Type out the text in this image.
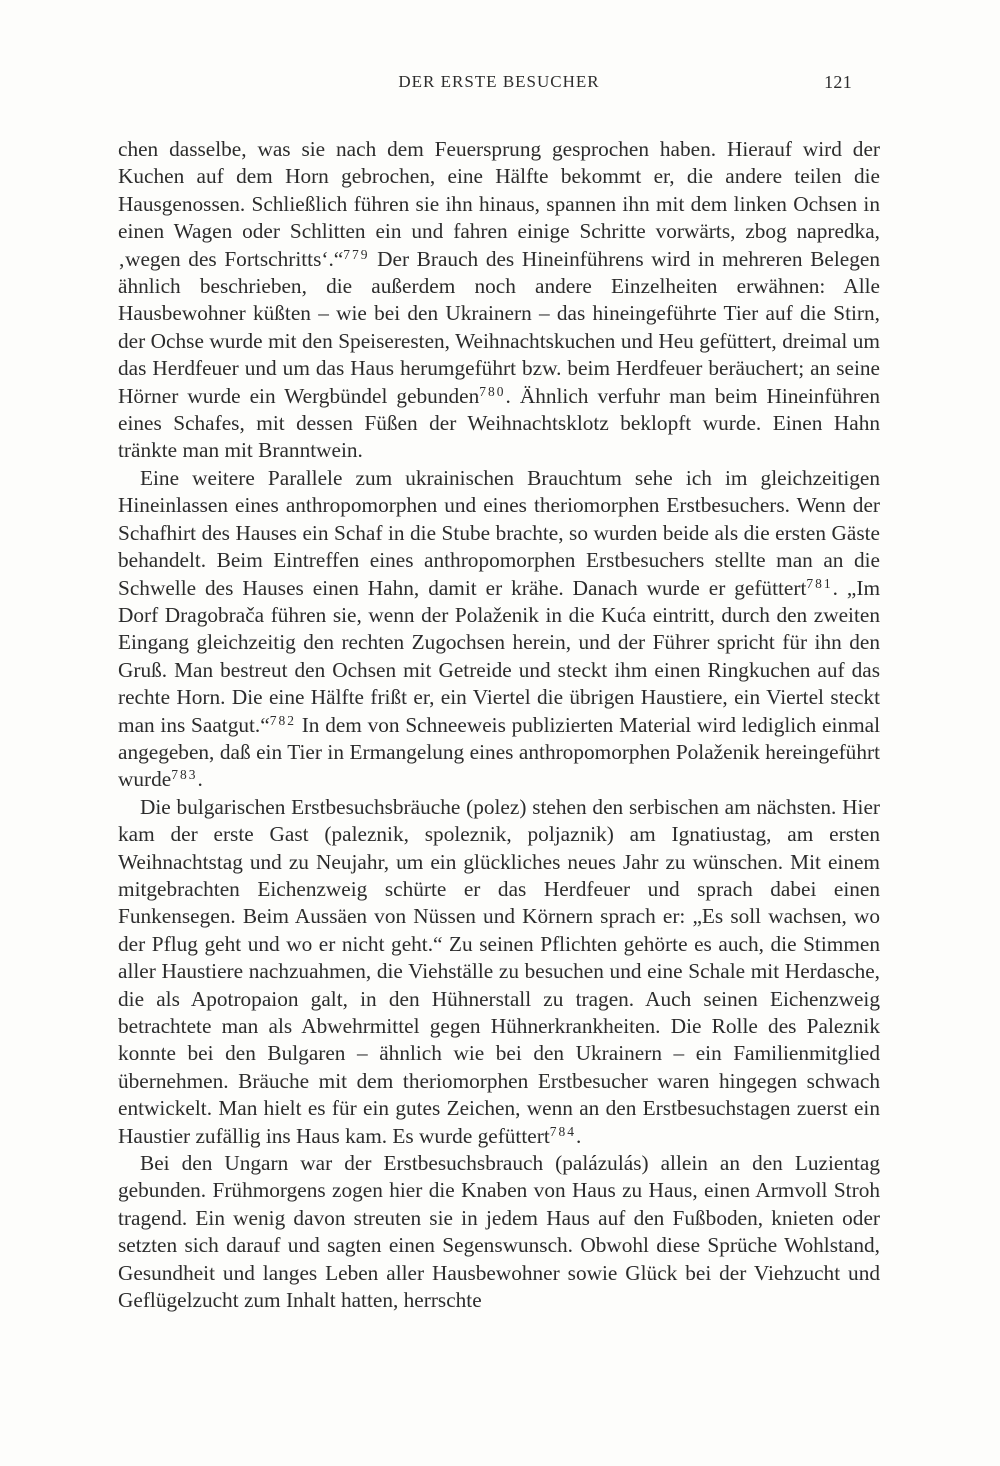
DER ERSTE BESUCHER	121

chen dasselbe, was sie nach dem Feuersprung gesprochen haben. Hierauf wird der Kuchen auf dem Horn gebrochen, eine Hälfte bekommt er, die andere teilen die Hausgenossen. Schließlich führen sie ihn hinaus, spannen ihn mit dem linken Ochsen in einen Wagen oder Schlitten ein und fahren einige Schritte vorwärts, zbog napredka, ‚wegen des Fortschritts‘.“$^{779}$ Der Brauch des Hineinführens wird in mehreren Belegen ähnlich beschrieben, die außerdem noch andere Einzelheiten erwähnen: Alle Hausbewohner küßten – wie bei den Ukrainern – das hineingeführte Tier auf die Stirn, der Ochse wurde mit den Speiseresten, Weihnachtskuchen und Heu gefüttert, dreimal um das Herdfeuer und um das Haus herumgeführt bzw. beim Herdfeuer beräuchert; an seine Hörner wurde ein Wergbündel gebunden$^{780}$. Ähnlich verfuhr man beim Hineinführen eines Schafes, mit dessen Füßen der Weihnachtsklotz beklopft wurde. Einen Hahn tränkte man mit Branntwein.

Eine weitere Parallele zum ukrainischen Brauchtum sehe ich im gleichzeitigen Hineinlassen eines anthropomorphen und eines theriomorphen Erstbesuchers. Wenn der Schafhirt des Hauses ein Schaf in die Stube brachte, so wurden beide als die ersten Gäste behandelt. Beim Eintreffen eines anthropomorphen Erstbesuchers stellte man an die Schwelle des Hauses einen Hahn, damit er krähe. Danach wurde er gefüttert$^{781}$. „Im Dorf Dragobrača führen sie, wenn der Polaženik in die Kuća eintritt, durch den zweiten Eingang gleichzeitig den rechten Zugochsen herein, und der Führer spricht für ihn den Gruß. Man bestreut den Ochsen mit Getreide und steckt ihm einen Ringkuchen auf das rechte Horn. Die eine Hälfte frißt er, ein Viertel die übrigen Haustiere, ein Viertel steckt man ins Saatgut.“$^{782}$ In dem von Schneeweis publizierten Material wird lediglich einmal angegeben, daß ein Tier in Ermangelung eines anthropomorphen Polaženik hereingeführt wurde$^{783}$.

Die bulgarischen Erstbesuchsbräuche (polez) stehen den serbischen am nächsten. Hier kam der erste Gast (paleznik, spoleznik, poljaznik) am Ignatiustag, am ersten Weihnachtstag und zu Neujahr, um ein glückliches neues Jahr zu wünschen. Mit einem mitgebrachten Eichenzweig schürte er das Herdfeuer und sprach dabei einen Funkensegen. Beim Aussäen von Nüssen und Körnern sprach er: „Es soll wachsen, wo der Pflug geht und wo er nicht geht.“ Zu seinen Pflichten gehörte es auch, die Stimmen aller Haustiere nachzuahmen, die Viehställe zu besuchen und eine Schale mit Herdasche, die als Apotropaion galt, in den Hühnerstall zu tragen. Auch seinen Eichenzweig betrachtete man als Abwehrmittel gegen Hühnerkrankheiten. Die Rolle des Paleznik konnte bei den Bulgaren – ähnlich wie bei den Ukrainern – ein Familienmitglied übernehmen. Bräuche mit dem theriomorphen Erstbesucher waren hingegen schwach entwickelt. Man hielt es für ein gutes Zeichen, wenn an den Erstbesuchstagen zuerst ein Haustier zufällig ins Haus kam. Es wurde gefüttert$^{784}$.

Bei den Ungarn war der Erstbesuchsbrauch (palázulás) allein an den Luzientag gebunden. Frühmorgens zogen hier die Knaben von Haus zu Haus, einen Armvoll Stroh tragend. Ein wenig davon streuten sie in jedem Haus auf den Fußboden, knieten oder setzten sich darauf und sagten einen Segenswunsch. Obwohl diese Sprüche Wohlstand, Gesundheit und langes Leben aller Hausbewohner sowie Glück bei der Viehzucht und Geflügelzucht zum Inhalt hatten, herrschte
